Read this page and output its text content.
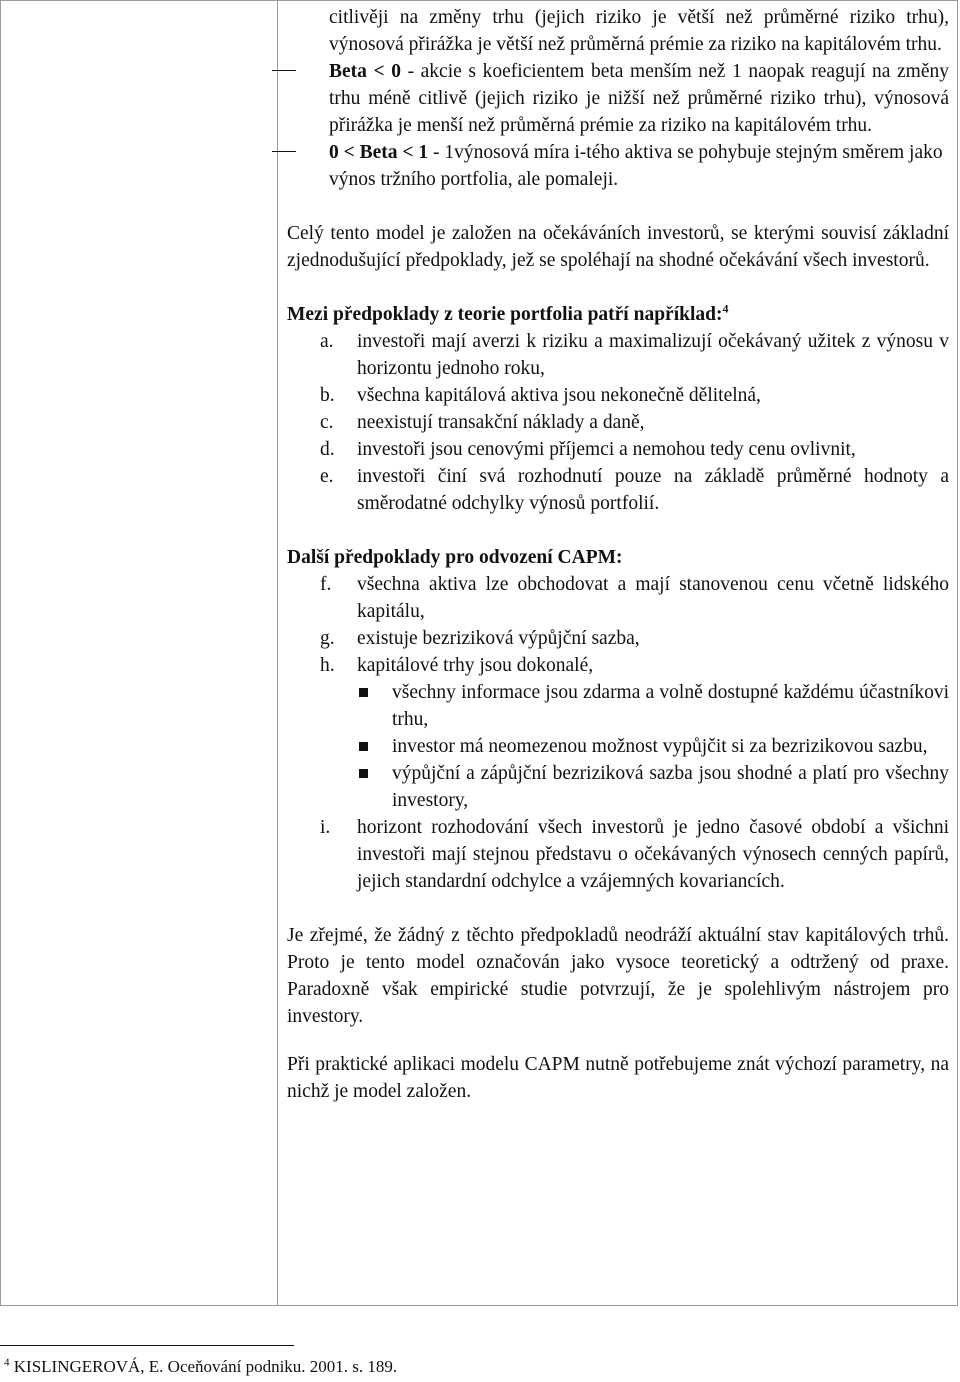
citlivěji na změny trhu (jejich riziko je větší než průměrné riziko trhu), výnosová přirážka je větší než průměrná prémie za riziko na kapitálovém trhu.

Beta < 0 - akcie s koeficientem beta menším než 1 naopak reagují na změny trhu méně citlivě (jejich riziko je nižší než průměrné riziko trhu), výnosová přirážka je menší než průměrná prémie za riziko na kapitálovém trhu.
0 < Beta < 1 - 1výnosová míra i-tého aktiva se pohybuje stejným směrem jako výnos tržního portfolia, ale pomaleji.

Celý tento model je založen na očekáváních investorů, se kterými souvisí základní zjednodušující předpoklady, jež se spoléhají na shodné očekávání všech investorů.

Mezi předpoklady z teorie portfolia patří například:$^4$

a. investoři mají averzi k riziku a maximalizují očekávaný užitek z výnosu v horizontu jednoho roku,
b. všechna kapitálová aktiva jsou nekonečně dělitelná,
c. neexistují transakční náklady a daně,
d. investoři jsou cenovými příjemci a nemohou tedy cenu ovlivnit,
e. investoři činí svá rozhodnutí pouze na základě průměrné hodnoty a směrodatné odchylky výnosů portfolií.

Další předpoklady pro odvození CAPM:

f. všechna aktiva lze obchodovat a mají stanovenou cenu včetně lidského kapitálu,
g. existuje bezriziková výpůjční sazba,
h. kapitálové trhy jsou dokonalé,
všechny informace jsou zdarma a volně dostupné každému účastníkovi trhu,
investor má neomezenou možnost vypůjčit si za bezrizikovou sazbu,
výpůjční a zápůjční bezriziková sazba jsou shodné a platí pro všechny investory,
i. horizont rozhodování všech investorů je jedno časové období a všichni investoři mají stejnou představu o očekávaných výnosech cenných papírů, jejich standardní odchylce a vzájemných kovariancích.

Je zřejmé, že žádný z těchto předpokladů neodráží aktuální stav kapitálových trhů. Proto je tento model označován jako vysoce teoretický a odtržený od praxe. Paradoxně však empirické studie potvrzují, že je spolehlivým nástrojem pro investory.

Při praktické aplikaci modelu CAPM nutně potřebujeme znát výchozí parametry, na nichž je model založen.

$^4$ KISLINGEROVÁ, E. Oceňování podniku. 2001. s. 189.
